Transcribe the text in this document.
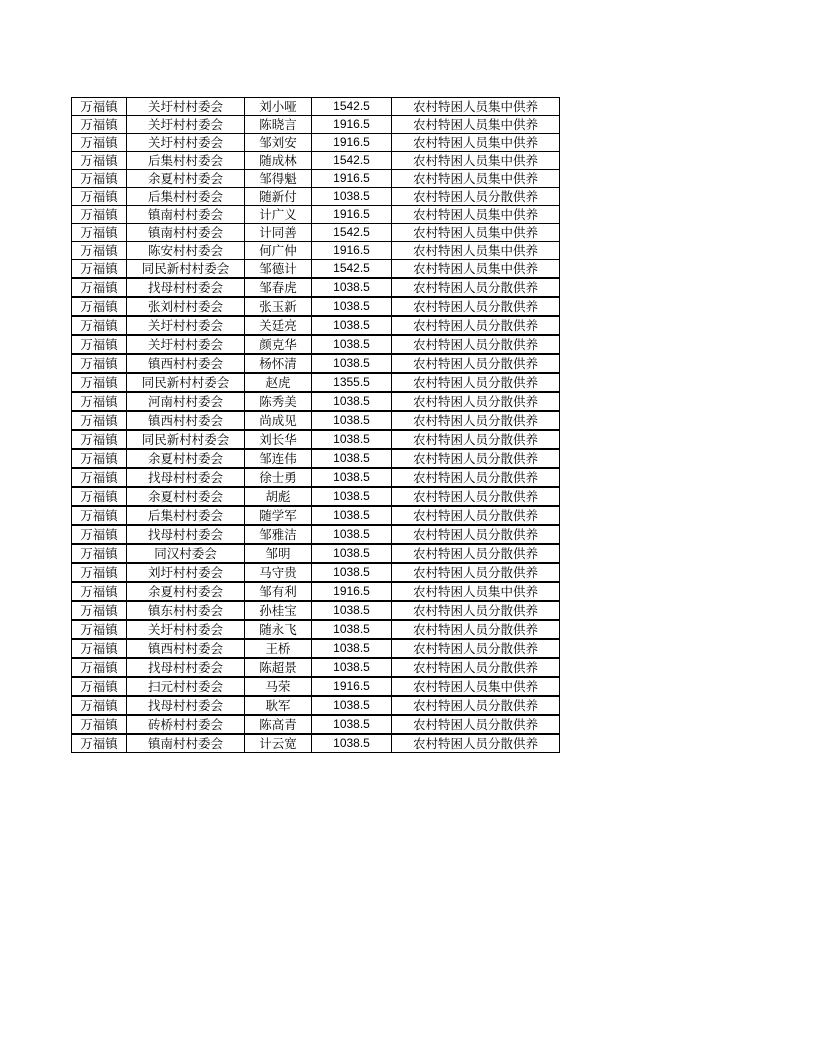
万福镇	关圩村村委会	刘小哑	1542.5	农村特困人员集中供养
万福镇	关圩村村委会	陈晓言	1916.5	农村特困人员集中供养
万福镇	关圩村村委会	邹刘安	1916.5	农村特困人员集中供养
万福镇	后集村村委会	随成林	1542.5	农村特困人员集中供养
万福镇	余夏村村委会	邹得魁	1916.5	农村特困人员集中供养
万福镇	后集村村委会	随新付	1038.5	农村特困人员分散供养
万福镇	镇南村村委会	计广义	1916.5	农村特困人员集中供养
万福镇	镇南村村委会	计同善	1542.5	农村特困人员集中供养
万福镇	陈安村村委会	何广仲	1916.5	农村特困人员集中供养
万福镇	同民新村村委会	邹德计	1542.5	农村特困人员集中供养
万福镇	找母村村委会	邹春虎	1038.5	农村特困人员分散供养
万福镇	张刘村村委会	张玉新	1038.5	农村特困人员分散供养
万福镇	关圩村村委会	关廷亮	1038.5	农村特困人员分散供养
万福镇	关圩村村委会	颜克华	1038.5	农村特困人员分散供养
万福镇	镇西村村委会	杨怀清	1038.5	农村特困人员分散供养
万福镇	同民新村村委会	赵虎	1355.5	农村特困人员分散供养
万福镇	河南村村委会	陈秀美	1038.5	农村特困人员分散供养
万福镇	镇西村村委会	尚成见	1038.5	农村特困人员分散供养
万福镇	同民新村村委会	刘长华	1038.5	农村特困人员分散供养
万福镇	余夏村村委会	邹连伟	1038.5	农村特困人员分散供养
万福镇	找母村村委会	徐士勇	1038.5	农村特困人员分散供养
万福镇	余夏村村委会	胡彪	1038.5	农村特困人员分散供养
万福镇	后集村村委会	随学军	1038.5	农村特困人员分散供养
万福镇	找母村村委会	邹雅洁	1038.5	农村特困人员分散供养
万福镇	同汉村委会	邹明	1038.5	农村特困人员分散供养
万福镇	刘圩村村委会	马守贵	1038.5	农村特困人员分散供养
万福镇	余夏村村委会	邹有利	1916.5	农村特困人员集中供养
万福镇	镇东村村委会	孙桂宝	1038.5	农村特困人员分散供养
万福镇	关圩村村委会	随永飞	1038.5	农村特困人员分散供养
万福镇	镇西村村委会	王桥	1038.5	农村特困人员分散供养
万福镇	找母村村委会	陈超景	1038.5	农村特困人员分散供养
万福镇	扫元村村委会	马荣	1916.5	农村特困人员集中供养
万福镇	找母村村委会	耿军	1038.5	农村特困人员分散供养
万福镇	砖桥村村委会	陈高青	1038.5	农村特困人员分散供养
万福镇	镇南村村委会	计云宽	1038.5	农村特困人员分散供养
